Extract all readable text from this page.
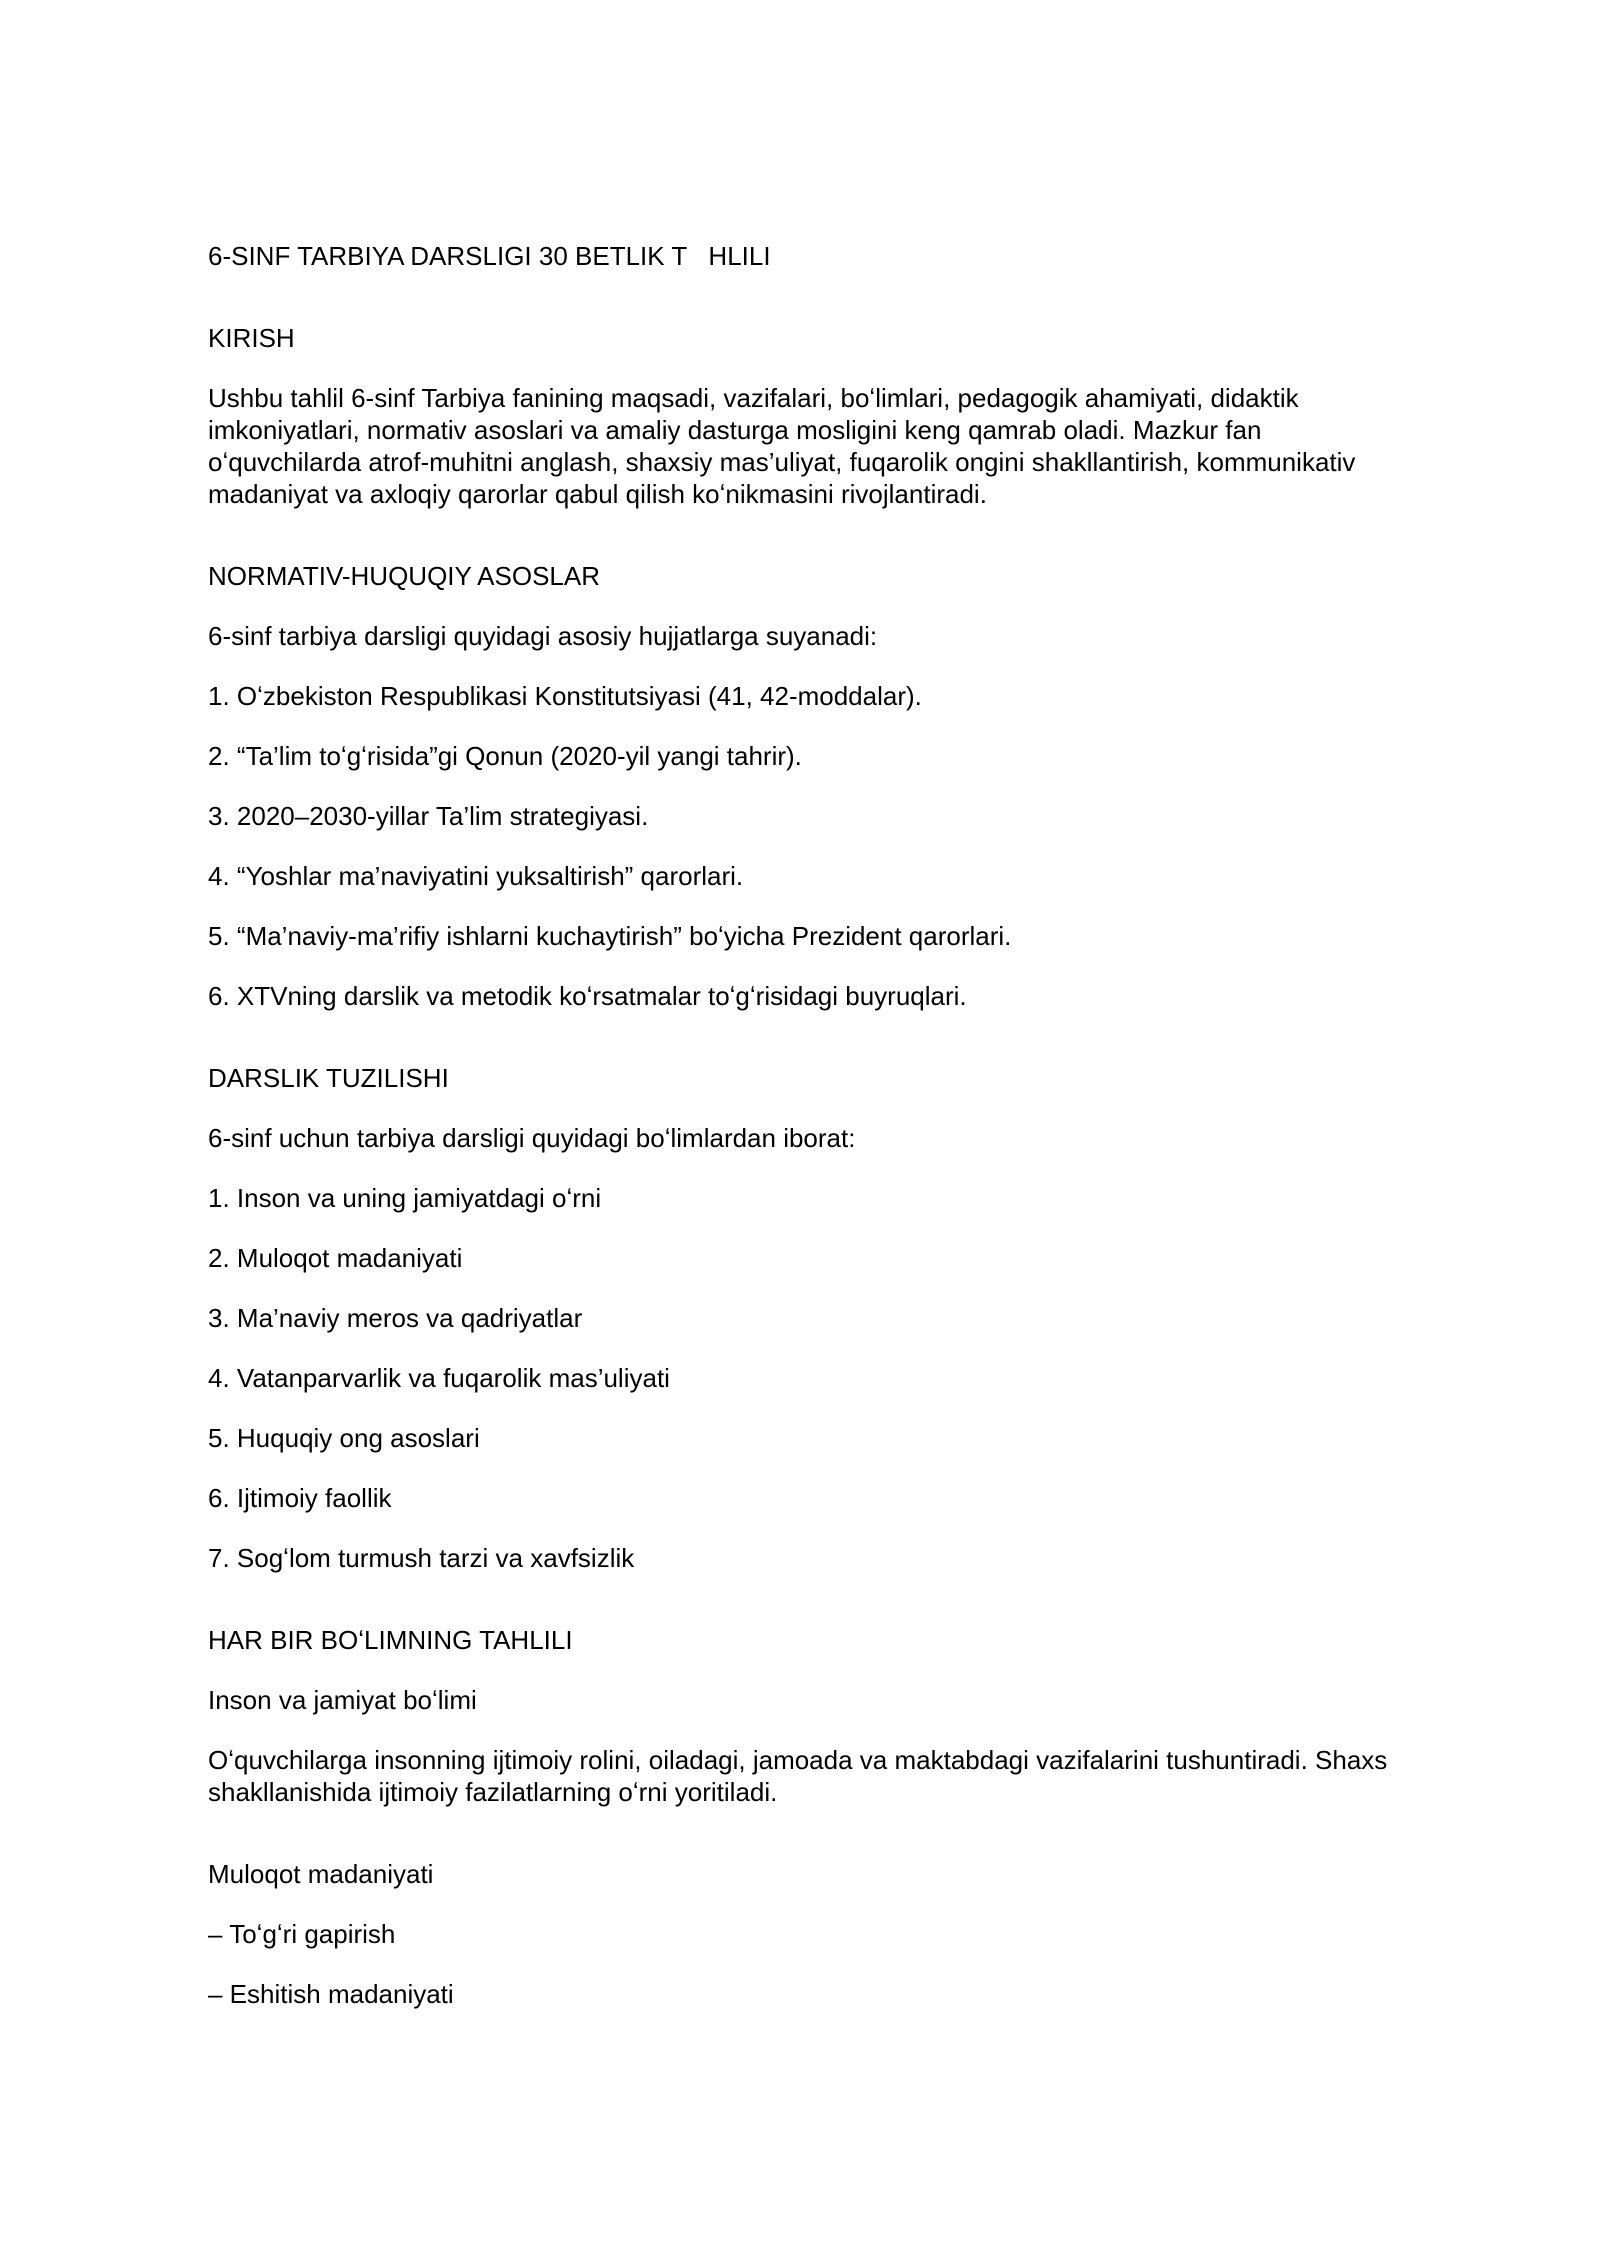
6-SINF TARBIYA DARSLIGI 30 BETLIK T   HLILI

KIRISH

Ushbu tahlil 6-sinf Tarbiya fanining maqsadi, vazifalari, boʻlimlari, pedagogik ahamiyati, didaktik imkoniyatlari, normativ asoslari va amaliy dasturga mosligini keng qamrab oladi. Mazkur fan oʻquvchilarda atrof-muhitni anglash, shaxsiy mas’uliyat, fuqarolik ongini shakllantirish, kommunikativ madaniyat va axloqiy qarorlar qabul qilish koʻnikmasini rivojlantiradi.

NORMATIV-HUQUQIY ASOSLAR

6-sinf tarbiya darsligi quyidagi asosiy hujjatlarga suyanadi:

1. Oʻzbekiston Respublikasi Konstitutsiyasi (41, 42-moddalar).

2. “Ta’lim toʻgʻrisida”gi Qonun (2020-yil yangi tahrir).

3. 2020–2030-yillar Ta’lim strategiyasi.

4. “Yoshlar ma’naviyatini yuksaltirish” qarorlari.

5. “Ma’naviy-ma’rifiy ishlarni kuchaytirish” boʻyicha Prezident qarorlari.

6. XTVning darslik va metodik koʻrsatmalar toʻgʻrisidagi buyruqlari.

DARSLIK TUZILISHI

6-sinf uchun tarbiya darsligi quyidagi boʻlimlardan iborat:

1. Inson va uning jamiyatdagi oʻrni

2. Muloqot madaniyati

3. Ma’naviy meros va qadriyatlar

4. Vatanparvarlik va fuqarolik mas’uliyati

5. Huquqiy ong asoslari

6. Ijtimoiy faollik

7. Sogʻlom turmush tarzi va xavfsizlik

HAR BIR BOʻLIMNING TAHLILI

Inson va jamiyat boʻlimi

Oʻquvchilarga insonning ijtimoiy rolini, oiladagi, jamoada va maktabdagi vazifalarini tushuntiradi. Shaxs shakllanishida ijtimoiy fazilatlarning oʻrni yoritiladi.

Muloqot madaniyati

– Toʻgʻri gapirish

– Eshitish madaniyati
